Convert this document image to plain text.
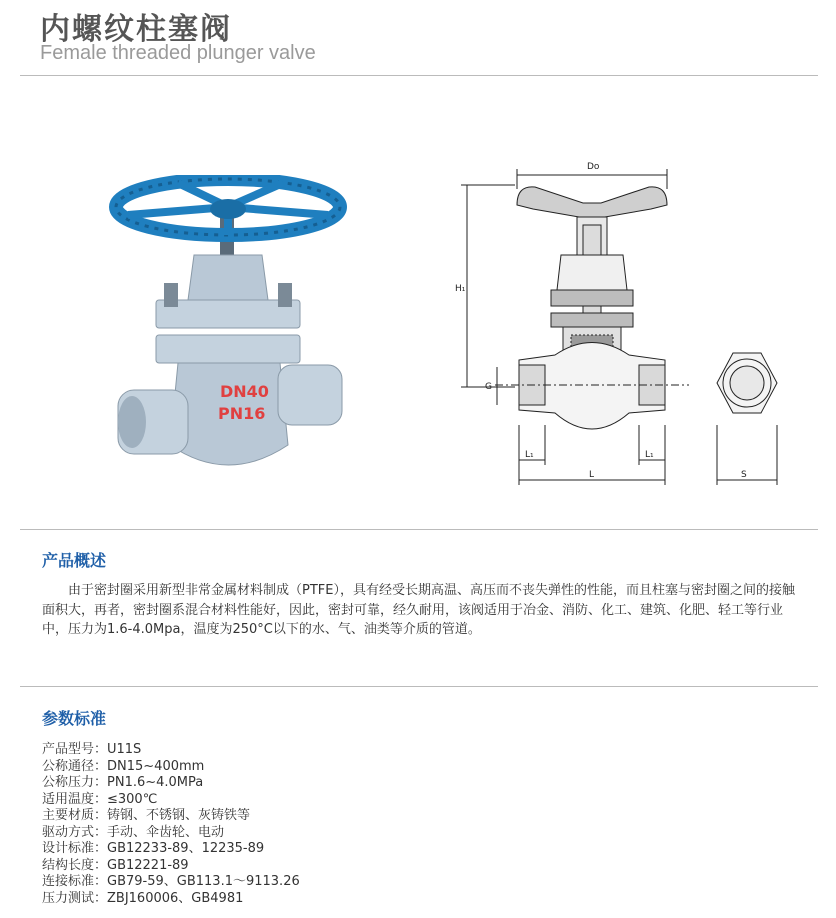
内螺纹柱塞阀
Female threaded plunger valve
DN40
PN16
Do
H₁
G
L₁
L
L₁
S
产品概述
由于密封圈采用新型非常金属材料制成（PTFE），具有经受长期高温、高压而不丧失弹性的性能，而且柱塞与密封圈之间的接触面积大，再者，密封圈系混合材料性能好，因此，密封可靠，经久耐用，该阀适用于冶金、消防、化工、建筑、化肥、轻工等行业中，压力为1.6-4.0Mpa，温度为250°C以下的水、气、油类等介质的管道。
参数标准
产品型号：U11S
公称通径：DN15~400mm
公称压力：PN1.6~4.0MPa
适用温度：≤300℃
主要材质：铸钢、不锈钢、灰铸铁等
驱动方式：手动、伞齿轮、电动
设计标准：GB12233-89、12235-89
结构长度：GB12221-89
连接标准：GB79-59、GB113.1～9113.26
压力测试：ZBJ160006、GB4981
